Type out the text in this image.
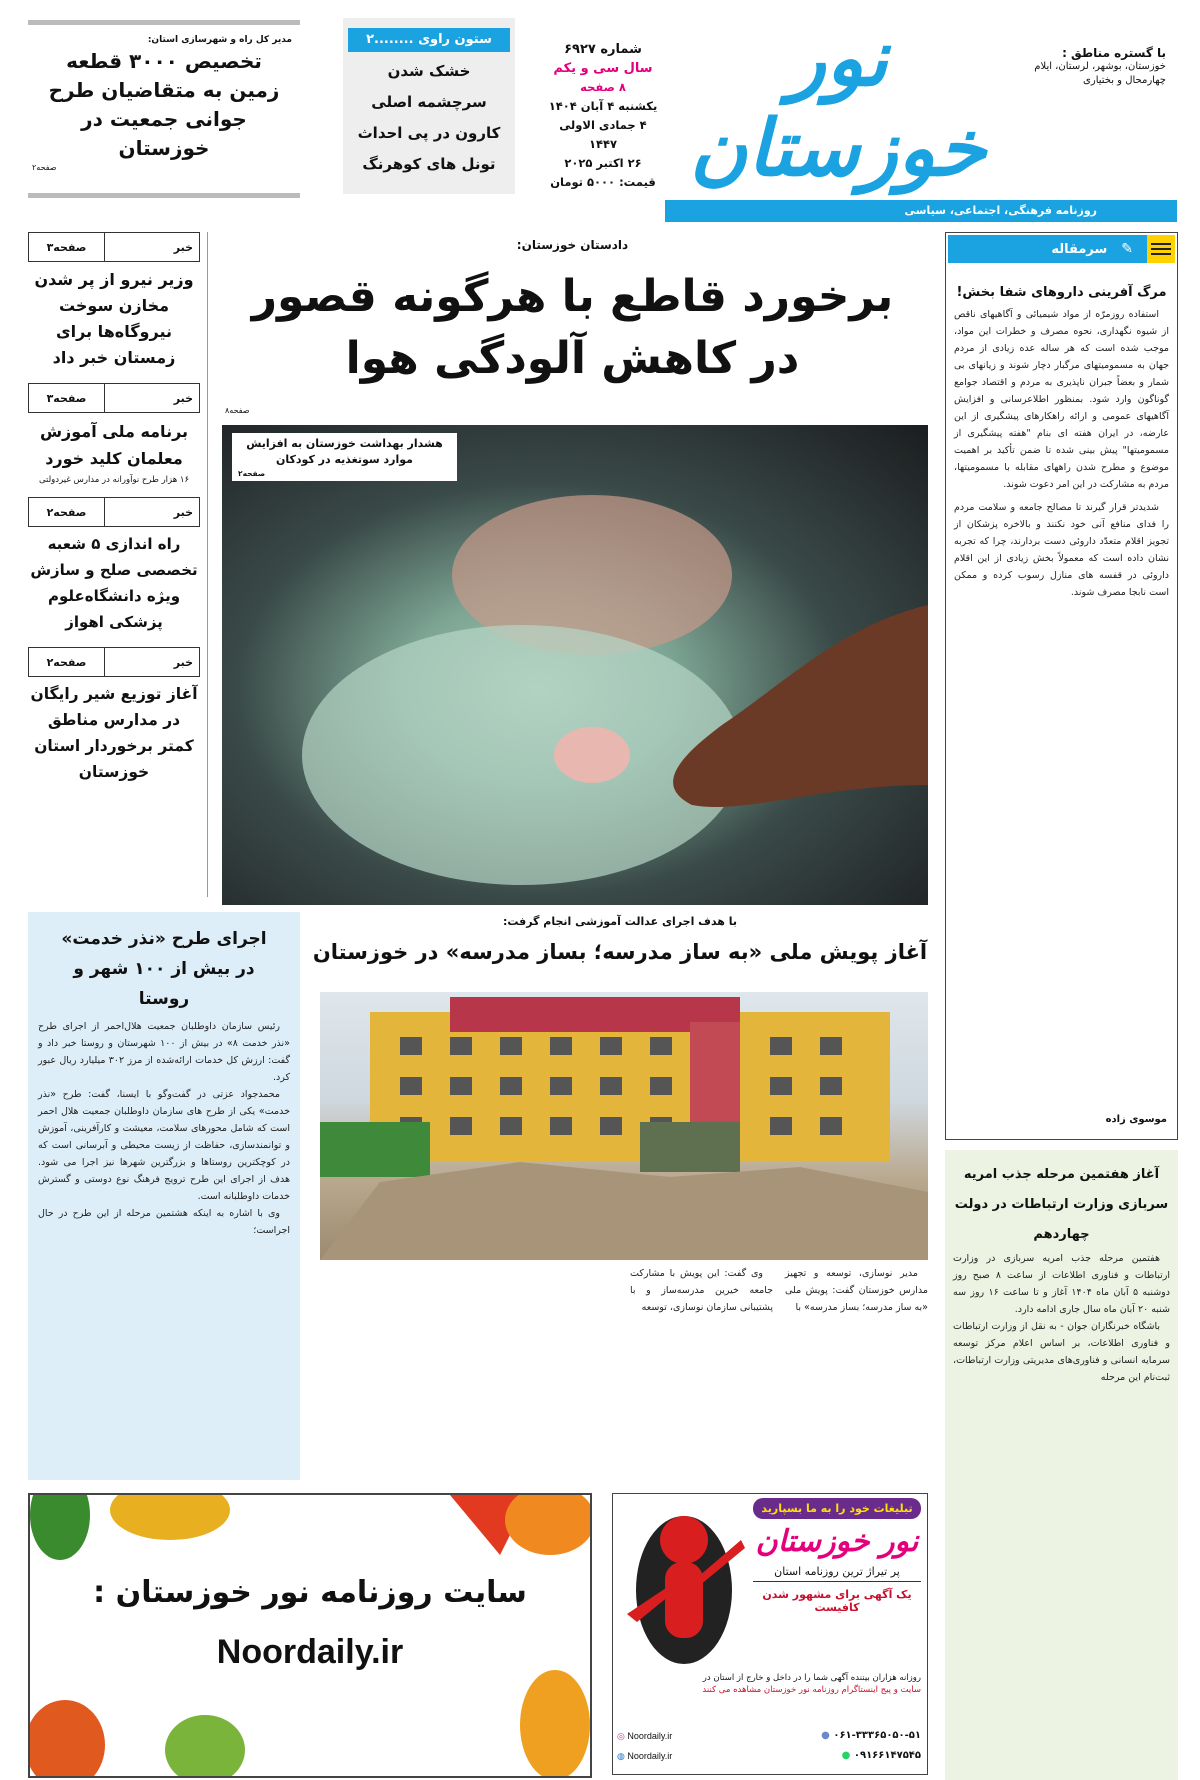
نور خوزستان
با گستره مناطق :
خوزستان، بوشهر، لرستان، ایلام چهارمحال و بختیاری
روزنامه فرهنگی، اجتماعی، سیاسی
شماره ۶۹۲۷
سال سی و یکم
۸ صفحه
یکشنبه ۴ آبان ۱۴۰۴
۴ جمادی الاولی ۱۴۴۷
۲۶ اکتبر ۲۰۲۵
قیمت: ۵۰۰۰ تومان
ستون راوی ........۲
خشک شدن
سرچشمه اصلی
کارون در پی احداث
تونل های کوهرنگ
مدیر کل راه و شهرسازی استان:
تخصیص ۳۰۰۰ قطعه زمین به متقاضیان طرح جوانی جمعیت در خوزستان
صفحه۲
خبر
صفحه۳
وزیر نیرو از پر شدن مخازن سوخت نیروگاه‌ها برای زمستان خبر داد
خبر
صفحه۳
برنامه ملی آموزش معلمان کلید خورد
۱۶ هزار طرح نوآورانه در مدارس غیردولتی
خبر
صفحه۲
راه اندازی ۵ شعبه تخصصی صلح و سازش ویژه دانشگاه‌علوم پزشکی اهواز
خبر
صفحه۲
آغاز توزیع شیر رایگان در مدارس مناطق کمتر برخوردار استان خوزستان
دادستان خوزستان:
برخورد قاطع با هرگونه قصور
در کاهش آلودگی هوا
صفحه۸
هشدار بهداشت خوزستان به افزایش موارد سوتغذیه در کودکان
صفحه۲
✎
سرمقاله
مرگ آفرینی داروهای شفا بخش!

استفاده روزمرّه از مواد شیمیائی و آگاهیهای ناقص از شیوه نگهداری، نحوه مصرف و خطرات این مواد، موجب شده است که هر ساله عده زیادی از مردم جهان به مسمومیتهای مرگبار دچار شوند و زیانهای بی شمار و بعضاً جبران ناپذیری به مردم و اقتصاد جوامع گوناگون وارد شود. بمنظور اطلاعرسانی و افزایش آگاهیهای عمومی و ارائه راهکارهای پیشگیری از این عارضه، در ایران هفته ای بنام "هفته پیشگیری از مسمومیتها" پیش بینی شده تا ضمن تأکید بر اهمیت موضوع و مطرح شدن راههای مقابله با مسمومیتها، مردم به مشارکت در این امر دعوت شوند.

شدیدتر قرار گیرند تا مصالح جامعه و سلامت مردم را فدای منافع آنی خود نکنند و بالاخره پزشکان از تجویز اقلام متعدّد داروئی دست بردارند، چرا که تجربه نشان داده است که معمولاً بخش زیادی از این اقلام داروئی در قفسه های منازل رسوب کرده و ممکن است نابجا مصرف شوند.

موسوی زاده
آغاز هفتمین مرحله جذب امریه سربازی وزارت ارتباطات در دولت چهاردهم

هفتمین مرحله جذب امریه سربازی در وزارت ارتباطات و فناوری اطلاعات از ساعت ۸ صبح روز دوشنبه ۵ آبان ماه ۱۴۰۴ آغاز و تا ساعت ۱۶ روز سه شنبه ۲۰ آبان ماه سال جاری ادامه دارد.

باشگاه خبرنگاران جوان - به نقل از وزارت ارتباطات و فناوری اطلاعات، بر اساس اعلام مرکز توسعه سرمایه انسانی و فناوری‌های مدیریتی وزارت ارتباطات، ثبت‌نام این مرحله

اجرای طرح «نذر خدمت» در بیش از ۱۰۰ شهر و روستا

رئیس سازمان داوطلبان جمعیت هلال‌احمر از اجرای طرح «نذر خدمت ۸» در بیش از ۱۰۰ شهرستان و روستا خبر داد و گفت: ارزش کل خدمات ارائه‌شده از مرز ۳۰۲ میلیارد ریال عبور کرد.

محمدجواد عزتی در گفت‌وگو با ایسنا، گفت: طرح «نذر خدمت» یکی از طرح های سازمان داوطلبان جمعیت هلال احمر است که شامل محورهای سلامت، معیشت و کارآفرینی، آموزش و توانمندسازی، حفاظت از زیست محیطی و آبرسانی است که در کوچکترین روستاها و بزرگترین شهرها نیز اجرا می شود. هدف از اجرای این طرح ترویج فرهنگ نوع دوستی و گسترش خدمات داوطلبانه است.

وی با اشاره به اینکه هشتمین مرحله از این طرح در حال اجراست؛

با هدف اجرای عدالت آموزشی انجام گرفت:
آغاز پویش ملی «به ساز مدرسه؛ بساز مدرسه» در خوزستان

مدیر نوسازی، توسعه و تجهیز مدارس خوزستان گفت: پویش ملی «به ساز مدرسه؛ بساز مدرسه» با

وی گفت: این پویش با مشارکت جامعه خیرین مدرسه‌ساز و با پشتیبانی سازمان نوسازی، توسعه

سایت روزنامه نور خوزستان :
Noordaily.ir
تبلیغات خود را به ما بسپارید
نور خوزستان
پر تیراژ ترین روزنامه استان
یک آگهی برای مشهور شدن کافیست
روزانه هزاران بیننده آگهی شما را در داخل و خارج از استان در
سایت و پیج اینستاگرام روزنامه نور خوزستان مشاهده می کنند
◎ Noordaily.ir
◍ Noordaily.ir
● ۰۶۱-۳۳۳۶۵۰۵۰-۵۱
● ۰۹۱۶۶۱۴۷۵۴۵
